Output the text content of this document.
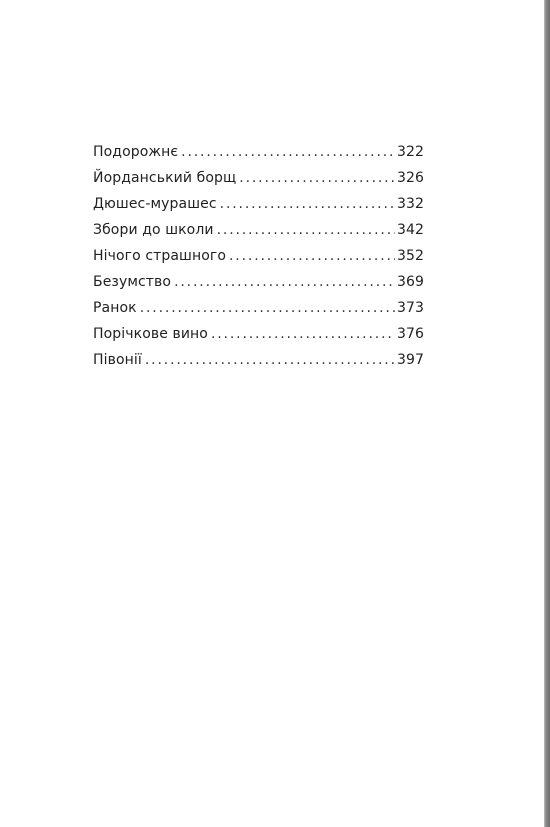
Подорожнє . . .	322
Йорданський борщ . . .	326
Дюшес-мурашес . . .	332
Збори до школи . . .	342
Нічого страшного . . .	352
Безумство . . .	369
Ранок . . .	373
Порічкове вино . . .	376
Півонії . . .	397
